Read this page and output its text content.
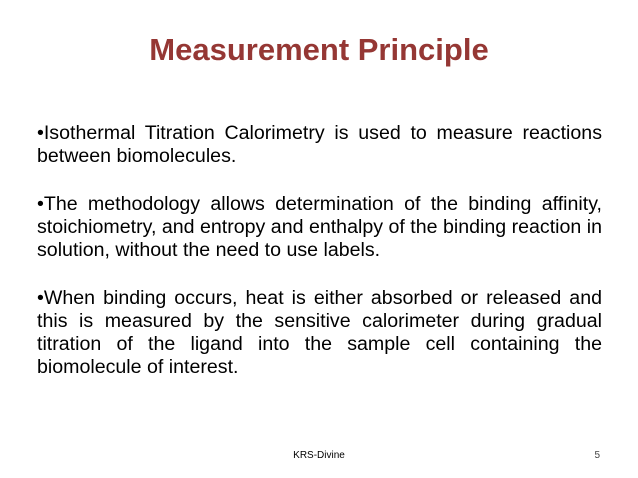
Measurement Principle
•Isothermal Titration Calorimetry is used to measure reactions between biomolecules.
•The methodology allows determination of the binding affinity, stoichiometry, and entropy and enthalpy of the binding reaction in solution, without the need to use labels.
•When binding occurs, heat is either absorbed or released and this is measured by the sensitive calorimeter during gradual titration of the ligand into the sample cell containing the biomolecule of interest.
KRS-Divine	5
